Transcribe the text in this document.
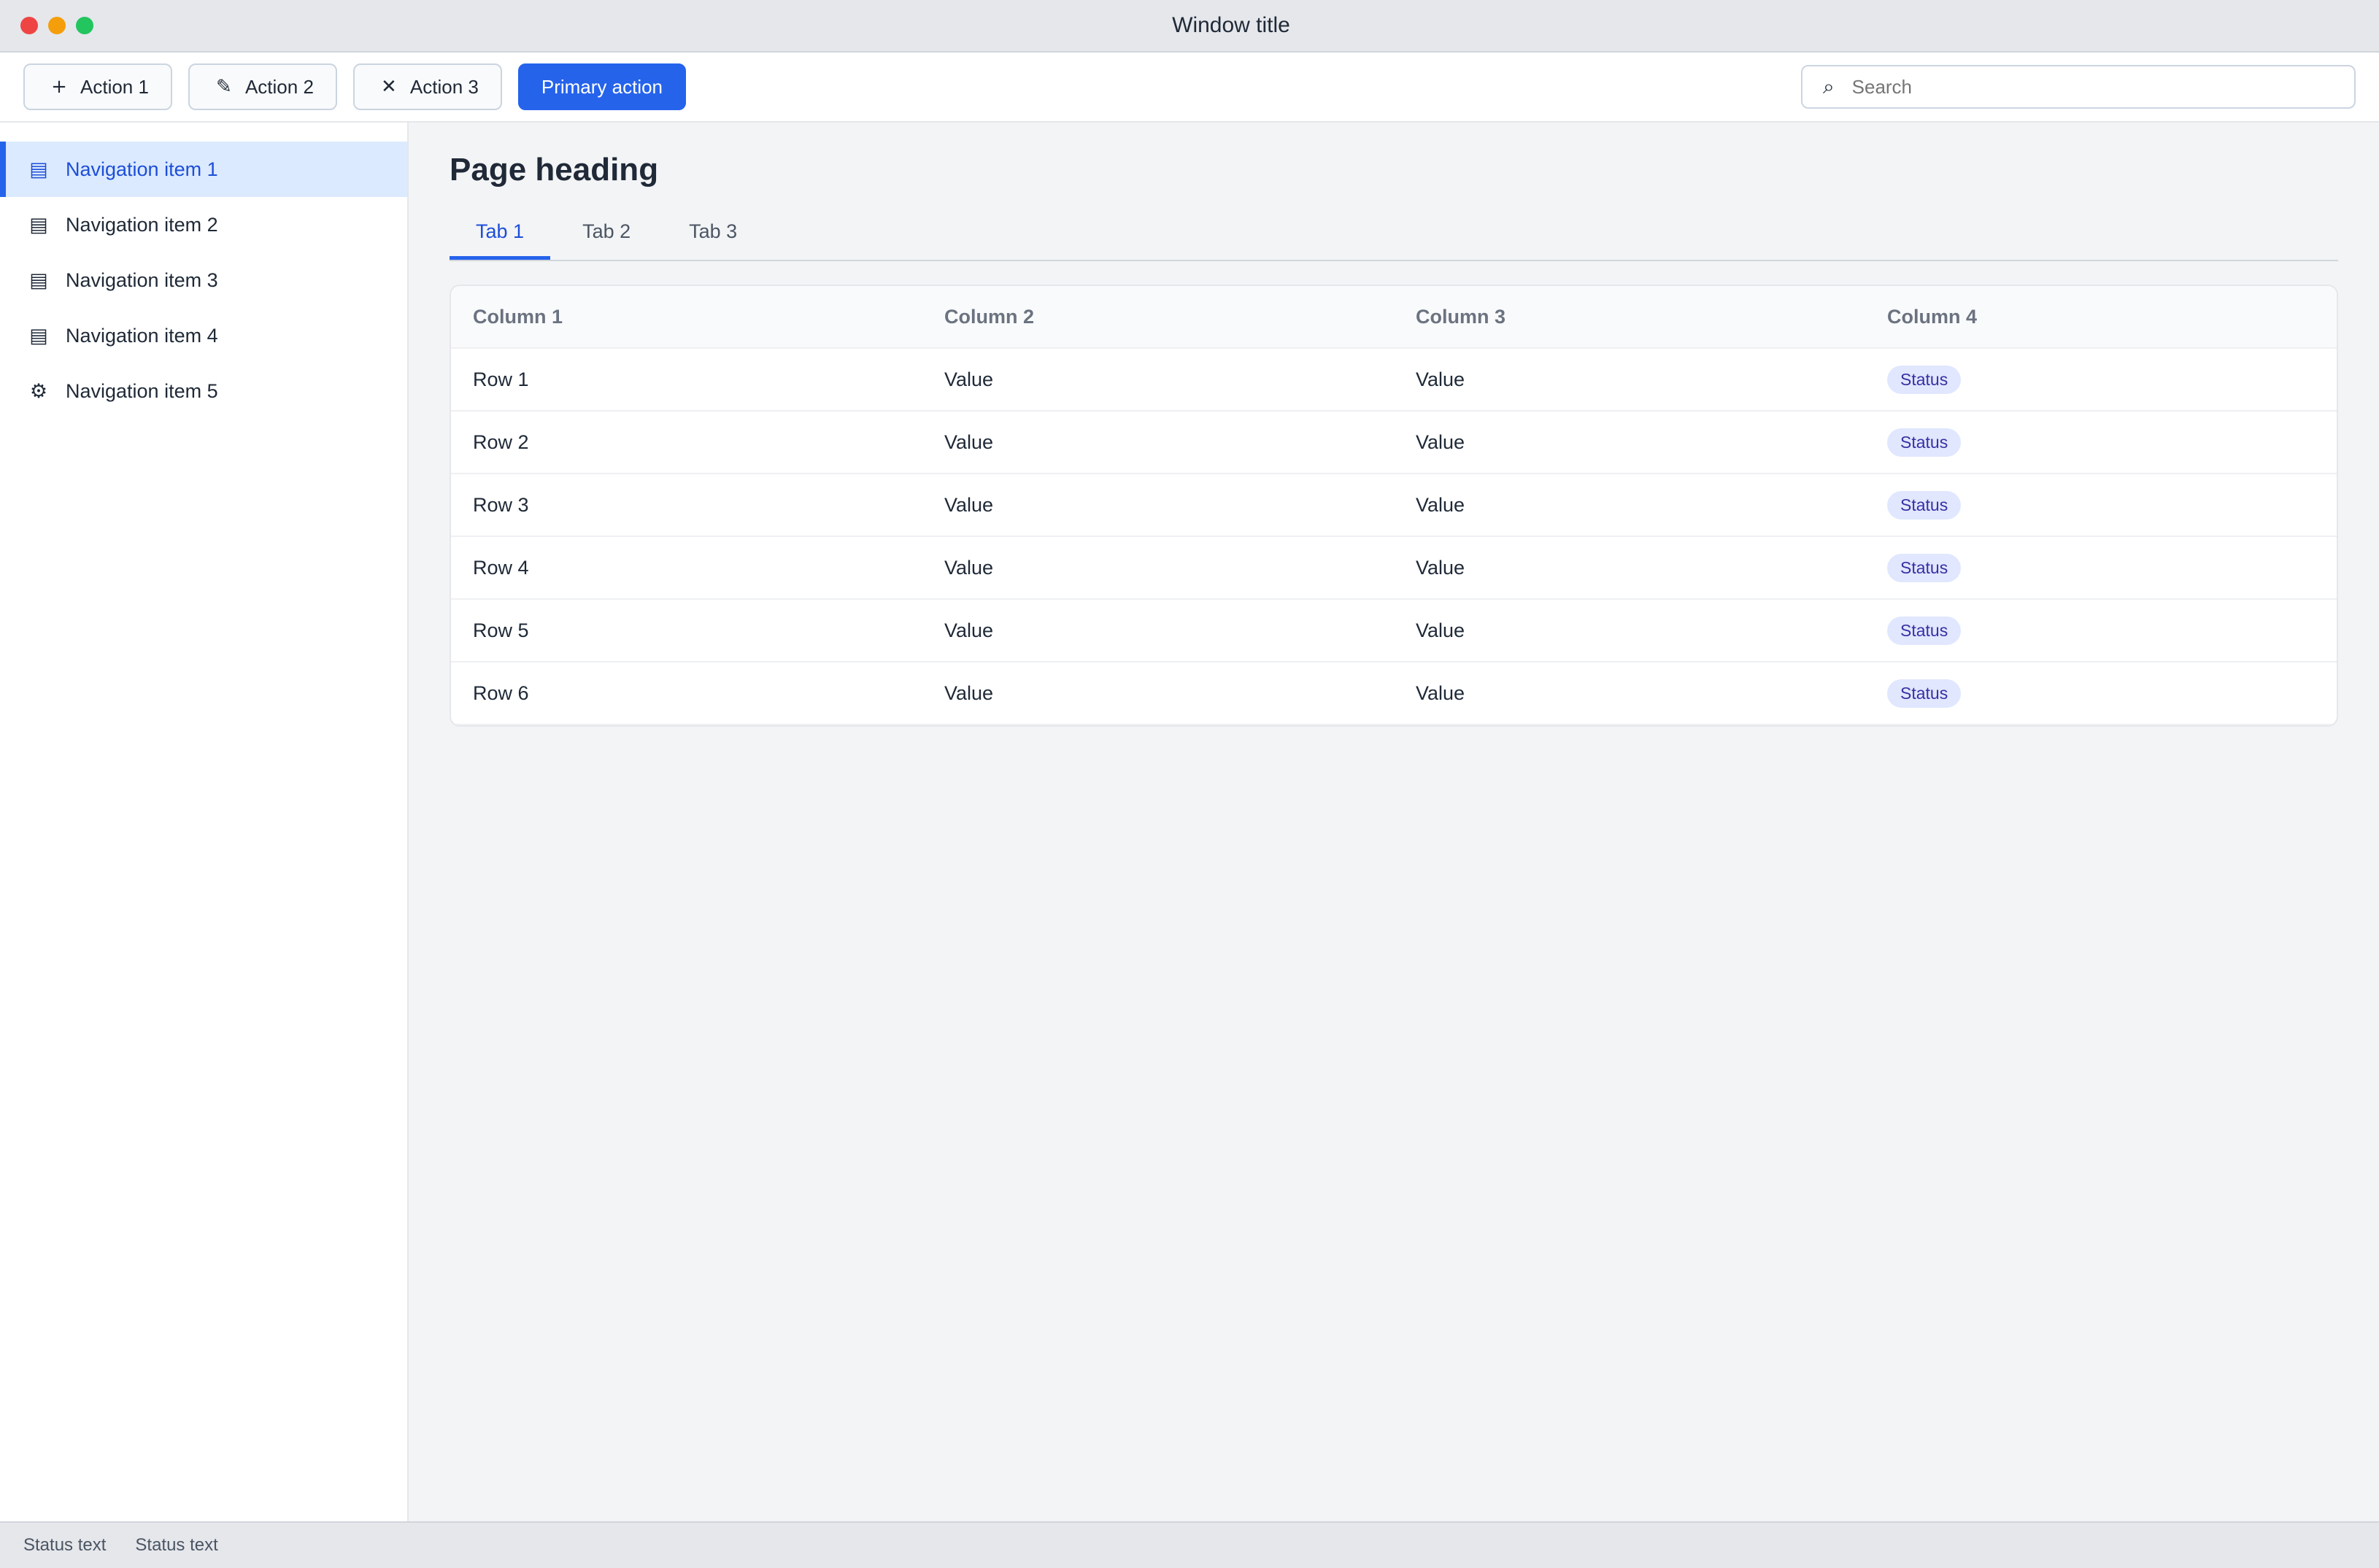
Window title
+ Action 1	✎ Action 2	✕ Action 3	Primary action	⌕
Search
▤ Navigation item 1
▤ Navigation item 2
▤ Navigation item 3
▤ Navigation item 4
⚙ Navigation item 5
Page heading
Tab 1	Tab 2	Tab 3
Column 1	Column 2	Column 3	Column 4
Row 1	Value	Value	Status
Row 2	Value	Value	Status
Row 3	Value	Value	Status
Row 4	Value	Value	Status
Row 5	Value	Value	Status
Row 6	Value	Value	Status
Status text Status text
